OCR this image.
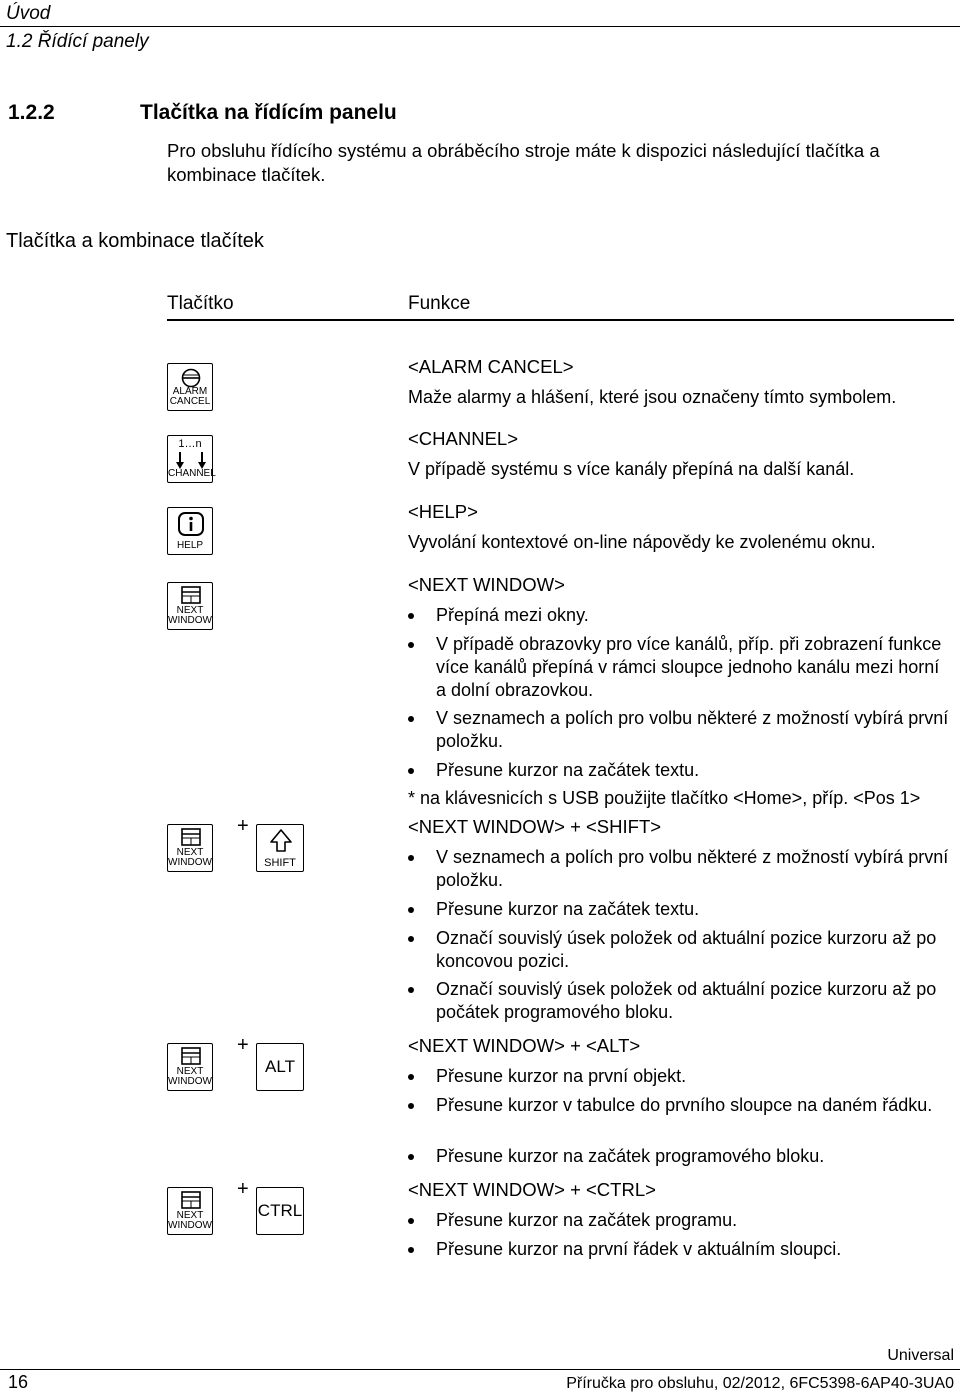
Úvod
1.2 Řídící panely
1.2.2	Tlačítka na řídícím panelu
Pro obsluhu řídícího systému a obráběcího stroje máte k dispozici následující tlačítka a kombinace tlačítek.
Tlačítka a kombinace tlačítek
Tlačítko	Funkce
ALARM
CANCEL
1…n
CHANNEL
HELP
NEXT
WINDOW
NEXT
WINDOW
+
SHIFT
NEXT
WINDOW
+
ALT
NEXT
WINDOW
+
CTRL
<ALARM CANCEL>
Maže alarmy a hlášení, které jsou označeny tímto symbolem.
<CHANNEL>
V případě systému s více kanály přepíná na další kanál.
<HELP>
Vyvolání kontextové on-line nápovědy ke zvolenému oknu.
<NEXT WINDOW>
Přepíná mezi okny.
V případě obrazovky pro více kanálů, příp. při zobrazení funkce více kanálů přepíná v rámci sloupce jednoho kanálu mezi horní a dolní obrazovkou.
V seznamech a polích pro volbu některé z možností vybírá první položku.
Přesune kurzor na začátek textu.
* na klávesnicích s USB použijte tlačítko <Home>, příp. <Pos 1>
<NEXT WINDOW> + <SHIFT>
V seznamech a polích pro volbu některé z možností vybírá první položku.
Přesune kurzor na začátek textu.
Označí souvislý úsek položek od aktuální pozice kurzoru až po koncovou pozici.
Označí souvislý úsek položek od aktuální pozice kurzoru až po počátek programového bloku.
<NEXT WINDOW> + <ALT>
Přesune kurzor na první objekt.
Přesune kurzor v tabulce do prvního sloupce na daném řádku.
Přesune kurzor na začátek programového bloku.
<NEXT WINDOW> + <CTRL>
Přesune kurzor na začátek programu.
Přesune kurzor na první řádek v aktuálním sloupci.
16
Universal
Příručka pro obsluhu, 02/2012, 6FC5398-6AP40-3UA0
